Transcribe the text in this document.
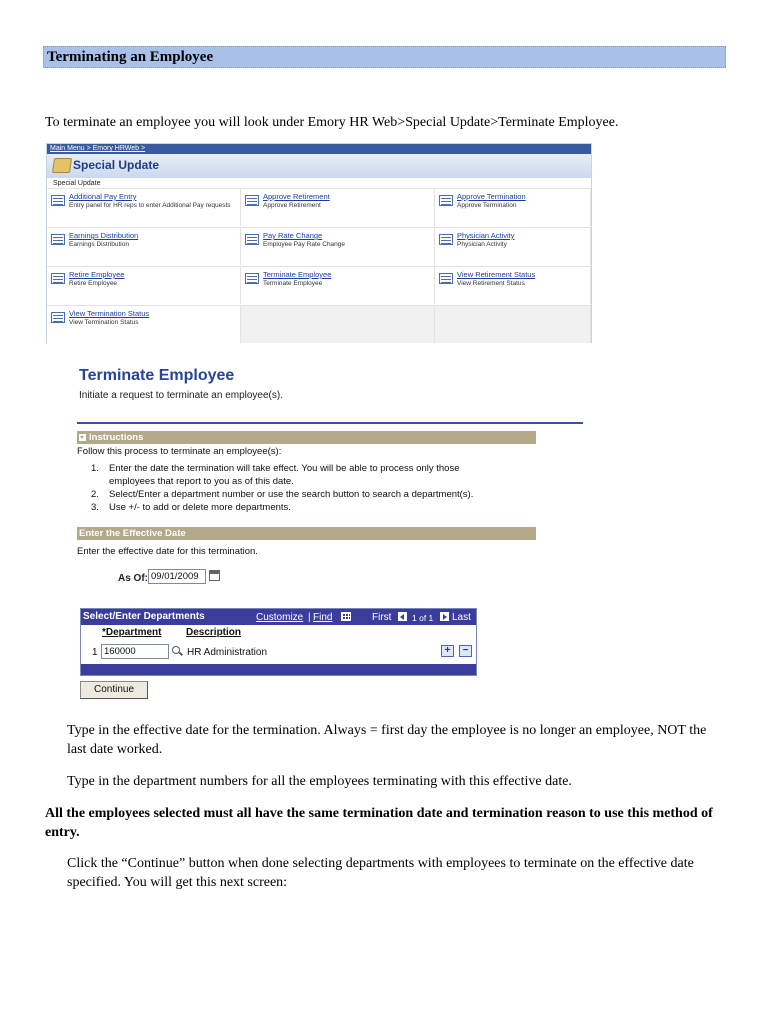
Terminating an Employee
To terminate an employee you will look under Emory HR Web>Special Update>Terminate Employee.
Main Menu > Emory HRWeb >
Special Update
Special Update
Additional Pay Entry
Entry panel for HR reps to enter Additional Pay requests
Approve Retirement
Approve Retirement
Approve Termination
Approve Termination
Earnings Distribution
Earnings Distribution
Pay Rate Change
Employee Pay Rate Change
Physician Activity
Physician Activity
Retire Employee
Retire Employee
Terminate Employee
Terminate Employee
View Retirement Status
View Retirement Status
View Termination Status
View Termination Status
Terminate Employee
Initiate a request to terminate an employee(s).
Instructions
Follow this process to terminate an employee(s):
1. Enter the date the termination will take effect. You will be able to process only those employees that report to you as of this date.
2. Select/Enter a department number or use the search button to search a department(s).
3. Use +/- to add or delete more departments.
Enter the Effective Date
Enter the effective date for this termination.
As Of: 09/01/2009
Select/Enter Departments	Customize | Find	First 1 of 1 Last
*Department Description
1 160000	HR Administration	+	−
Continue
Type in the effective date for the termination. Always = first day the employee is no longer an employee, NOT the last date worked.
Type in the department numbers for all the employees terminating with this effective date.
All the employees selected must all have the same termination date and termination reason to use this method of entry.
Click the “Continue” button when done selecting departments with employees to terminate on the effective date specified. You will get this next screen:
